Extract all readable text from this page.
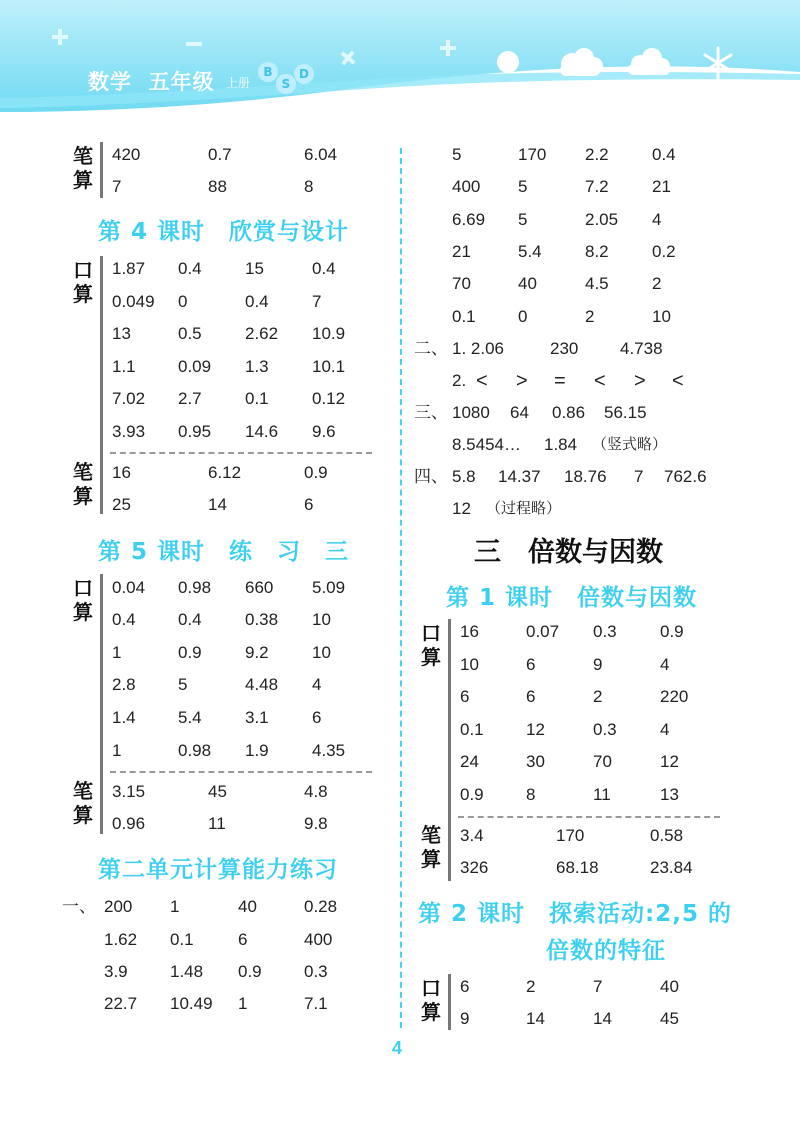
数学 五年级 上册
B
S
D
笔
算
420	0.7	6.04
7	88	8
第 4 课时　欣赏与设计
口
算
1.87 0.4	15	0.4
0.049 0	0.4	7
13	0.5	2.62 10.9
1.1 0.09 1.3	10.1
7.02 2.7	0.1	0.12
3.93 0.95 14.6 9.6
笔
算
16	6.12	0.9
25	14	6
第 5 课时　练　习　三
口
算
0.04 0.98 660 5.09
0.4 0.4	0.38 10
1	0.9	9.2	10
2.8 5	4.48 4
1.4 5.4	3.1	6
1	0.98 1.9	4.35
笔
算
3.15	45	4.8
0.96	11	9.8
第二单元计算能力练习
一、 200 1	40	0.28
1.62 0.1	6	400
3.9 1.48 0.9 0.3
22.7 10.49 1	7.1
5	170 2.2	0.4
400 5	7.2	21
6.69 5	2.05 4
21	5.4	8.2	0.2
70	40	4.5	2
0.1 0	2	10
二、 1. 2.06	230 4.738
2. < > = < > <
三、 1080 64 0.86 56.15
8.5454… 1.84 （竖式略）
四、 5.8 14.37 18.76 7 762.6
12 （过程略）
三　倍数与因数
第 1 课时　倍数与因数
口
算
16	0.07 0.3	0.9
10	6	9	4
6	6	2	220
0.1 12	0.3	4
24	30	70	12
0.9 8	11	13
笔
算
3.4	170	0.58
326	68.18	23.84
第 2 课时　探索活动:2,5 的
倍数的特征
口
算
6	2	7	40
9	14	14	45
4
